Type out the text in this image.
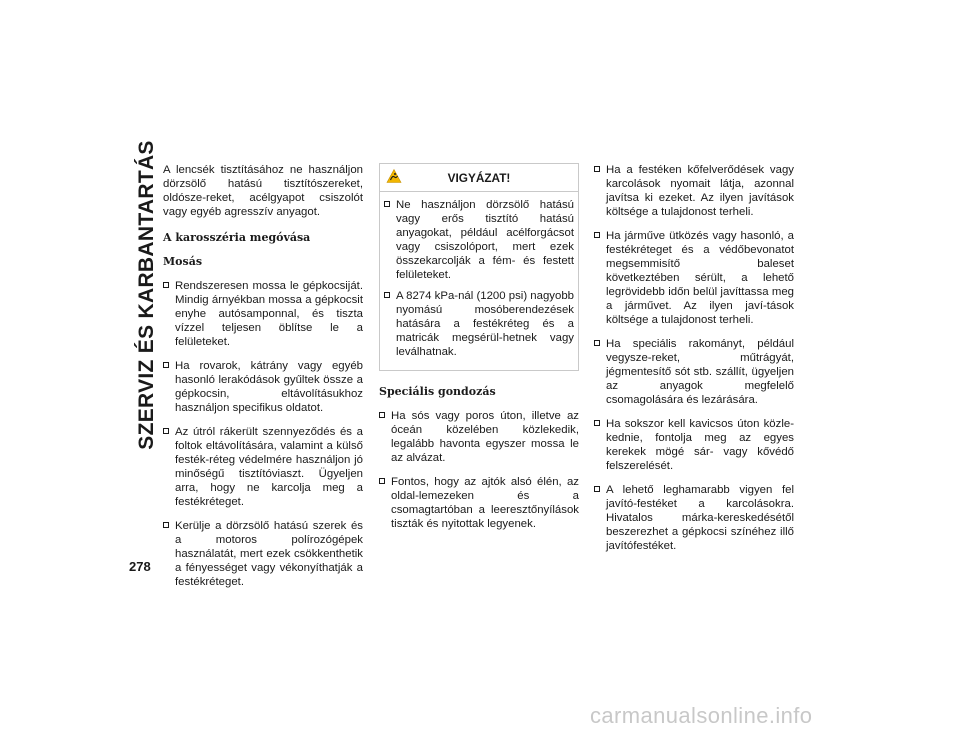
SZERVIZ ÉS KARBANTARTÁS
278

A lencsék tisztításához ne használjon dörzsölő hatású tisztítószereket, oldósze-reket, acélgyapot csiszolót vagy egyéb agresszív anyagot.

A karosszéria megóvása
Mosás
Rendszeresen mossa le gépkocsiját. Mindig árnyékban mossa a gépkocsit enyhe autósamponnal, és tiszta vízzel teljesen öblítse le a felületeket.
Ha rovarok, kátrány vagy egyéb hasonló lerakódások gyűltek össze a gépkocsin, eltávolításukhoz használjon specifikus oldatot.
Az útról rákerült szennyeződés és a foltok eltávolítására, valamint a külső festék-réteg védelmére használjon jó minőségű tisztítóviaszt. Ügyeljen arra, hogy ne karcolja meg a festékréteget.
Kerülje a dörzsölő hatású szerek és a motoros polírozógépek használatát, mert ezek csökkenthetik a fényességet vagy vékonyíthatják a festékréteget.
VIGYÁZAT!
Ne használjon dörzsölő hatású vagy erős tisztító hatású anyagokat, például acélforgácsot vagy csiszolóport, mert ezek összekarcolják a fém- és festett felületeket.
A 8274 kPa-nál (1200 psi) nagyobb nyomású mosóberendezések hatására a festékréteg és a matricák megsérül-hetnek vagy leválhatnak.
Speciális gondozás
Ha sós vagy poros úton, illetve az óceán közelében közlekedik, legalább havonta egyszer mossa le az alvázat.
Fontos, hogy az ajtók alsó élén, az oldal-lemezeken és a csomagtartóban a leeresztőnyílások tiszták és nyitottak legyenek.
Ha a festéken kőfelverődések vagy karcolások nyomait látja, azonnal javítsa ki ezeket. Az ilyen javítások költsége a tulajdonost terheli.
Ha járműve ütközés vagy hasonló, a festékréteget és a védőbevonatot megsemmisítő baleset következtében sérült, a lehető legrövidebb időn belül javíttassa meg a járművet. Az ilyen javí-tások költsége a tulajdonost terheli.
Ha speciális rakományt, például vegysze-reket, műtrágyát, jégmentesítő sót stb. szállít, ügyeljen az anyagok megfelelő csomagolására és lezárására.
Ha sokszor kell kavicsos úton közle-kednie, fontolja meg az egyes kerekek mögé sár- vagy kővédő felszerelését.
A lehető leghamarabb vigyen fel javító-festéket a karcolásokra. Hivatalos márka-kereskedésétől beszerezhet a gépkocsi színéhez illő javítófestéket.
carmanualsonline.info
